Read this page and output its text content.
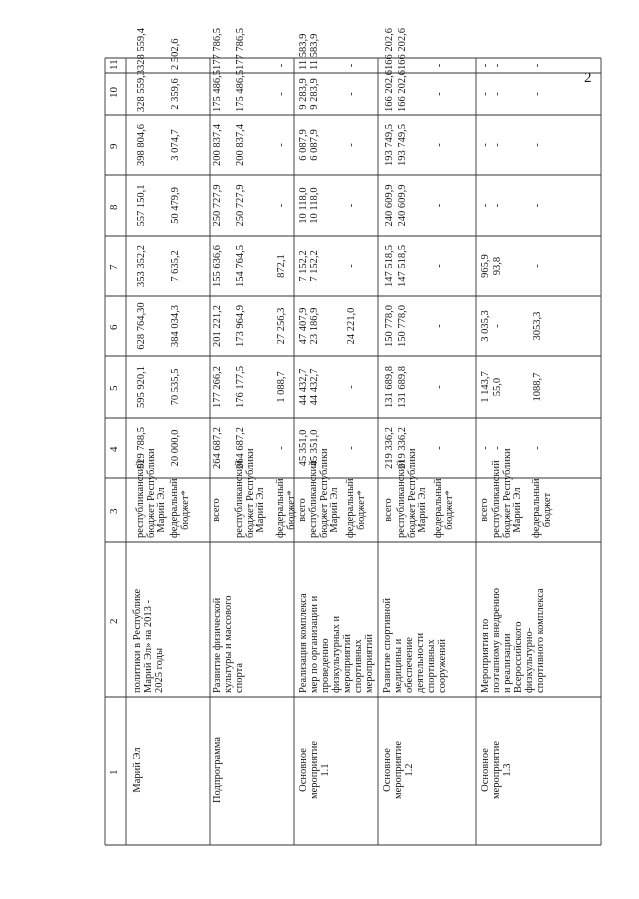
2
1
2
3
4
5
6
7
8
9
10
11
Марий Эл
политики в Республике
Марий Эл» на 2013 -
2025 годы
республиканский
бюджет Республики
Марий Эл
529 788,5
595 920,1
628 764,30
353 352,2
557 150,1
398 804,6
328 559,3
328 559,4
федеральный
бюджет*
20 000,0
70 535,5
384 034,3
7 635,2
50 479,9
3 074,7
2 359,6
2 502,6
Подпрограмма
Развитие физической
культуры и массового
спорта
всего
264 687,2
177 266,2
201 221,2
155 636,6
250 727,9
200 837,4
175 486,5
177 786,5
республиканский
бюджет Республики
Марий Эл
264 687,2
176 177,5
173 964,9
154 764,5
250 727,9
200 837,4
175 486,5
177 786,5
федеральный
бюджет*
-
1 088,7
27 256,3
872,1
-
-
-
-
Основное
мероприятие
1.1
Реализация комплекса
мер по организации и
проведению
физкультурных и
мероприятий
спортивных
мероприятий
всего
45 351,0
44 432,7
47 407,9
7 152,2
10 118,0
6 087,9
9 283,9
11 583,9
республиканский
бюджет Республики
Марий Эл
45 351,0
44 432,7
23 186,9
7 152,2
10 118,0
6 087,9
9 283,9
11 583,9
федеральный
бюджет*
-
-
24 221,0
-
-
-
-
-
Основное
мероприятие
1.2
Развитие спортивной
медицины и
обеспечение
деятельности
спортивных
сооружений
всего
219 336,2
131 689,8
150 778,0
147 518,5
240 609,9
193 749,5
166 202,6
166 202,6
республиканский
бюджет Республики
Марий Эл
219 336,2
131 689,8
150 778,0
147 518,5
240 609,9
193 749,5
166 202,6
166 202,6
федеральный
бюджет*
-
-
-
-
-
-
-
-
Основное
мероприятие
1.3
Мероприятия по
поэтапному внедрению
и реализации
Всероссийского
физкультурно-
спортивного комплекса
всего
-
1 143,7
3 035,3
965,9
-
-
-
-
республиканский
бюджет Республики
Марий Эл
-
55,0
-
93,8
-
-
-
-
федеральный
бюджет
-
1088,7
3053,3
-
-
-
-
-
